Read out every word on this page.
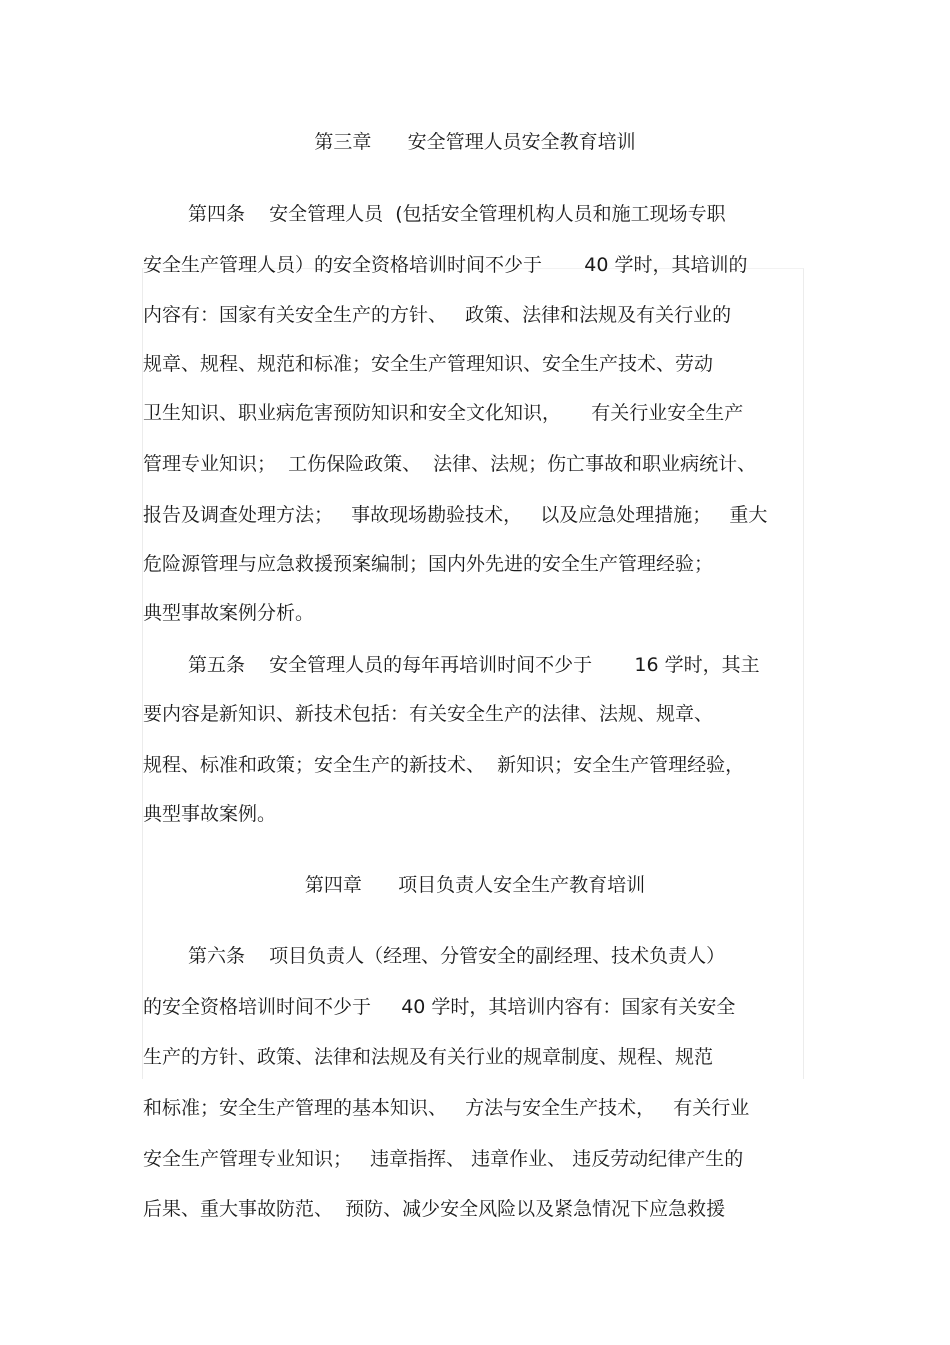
第三章      安全管理人员安全教育培训
第四条    安全管理人员  (包括安全管理机构人员和施工现场专职
安全生产管理人员）的安全资格培训时间不少于       40 学时，其培训的
内容有：国家有关安全生产的方针、   政策、法律和法规及有关行业的
规章、规程、规范和标准；安全生产管理知识、安全生产技术、劳动
卫生知识、职业病危害预防知识和安全文化知识，     有关行业安全生产
管理专业知识；  工伤保险政策、  法律、法规；伤亡事故和职业病统计、
报告及调查处理方法；   事故现场勘验技术，   以及应急处理措施；   重大
危险源管理与应急救援预案编制；国内外先进的安全生产管理经验；
典型事故案例分析。
第五条    安全管理人员的每年再培训时间不少于       16 学时，其主
要内容是新知识、新技术包括：有关安全生产的法律、法规、规章、
规程、标准和政策；安全生产的新技术、  新知识；安全生产管理经验，
典型事故案例。
第四章      项目负责人安全生产教育培训
第六条    项目负责人（经理、分管安全的副经理、技术负责人）
的安全资格培训时间不少于     40 学时，其培训内容有：国家有关安全
生产的方针、政策、法律和法规及有关行业的规章制度、规程、规范
和标准；安全生产管理的基本知识、   方法与安全生产技术，   有关行业
安全生产管理专业知识；   违章指挥、 违章作业、 违反劳动纪律产生的
后果、重大事故防范、  预防、减少安全风险以及紧急情况下应急救援
